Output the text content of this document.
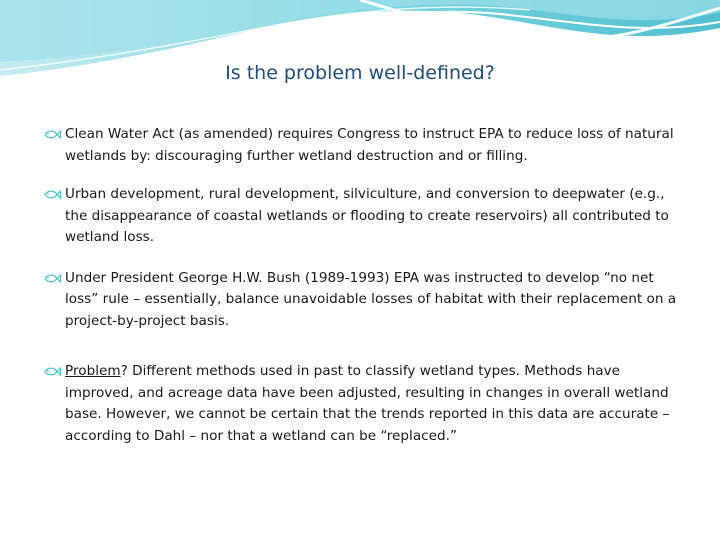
Is the problem well-defined?
Clean Water Act (as amended) requires Congress to instruct EPA to reduce loss of natural wetlands by: discouraging further wetland destruction and or filling.
Urban development, rural development, silviculture, and conversion to deepwater (e.g., the disappearance of coastal wetlands or flooding to create reservoirs) all contributed to wetland loss.
Under President George H.W. Bush (1989-1993) EPA was instructed to develop “no net loss” rule – essentially, balance unavoidable losses of habitat with their replacement on a project-by-project basis.
Problem? Different methods used in past to classify wetland types. Methods have improved, and acreage data have been adjusted, resulting in changes in overall wetland base. However, we cannot be certain that the trends reported in this data are accurate – according to Dahl – nor that a wetland can be “replaced.”
